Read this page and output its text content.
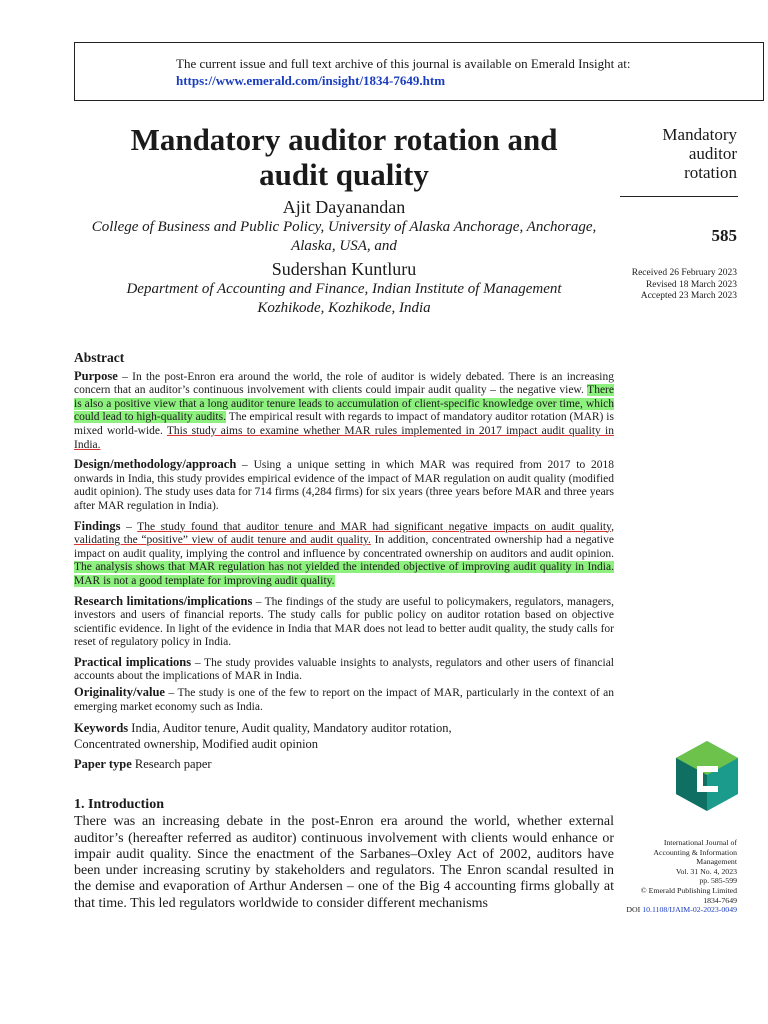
The current issue and full text archive of this journal is available on Emerald Insight at:
https://www.emerald.com/insight/1834-7649.htm
Mandatory auditor rotation and
audit quality
Ajit Dayanandan
College of Business and Public Policy, University of Alaska Anchorage, Anchorage,
Alaska, USA, and
Sudershan Kuntluru
Department of Accounting and Finance, Indian Institute of Management
Kozhikode, Kozhikode, India
Mandatory
auditor
rotation
585
Received 26 February 2023
Revised 18 March 2023
Accepted 23 March 2023
Abstract

Purpose – In the post-Enron era around the world, the role of auditor is widely debated. There is an increasing concern that an auditor’s continuous involvement with clients could impair audit quality – the negative view. There is also a positive view that a long auditor tenure leads to accumulation of client-specific knowledge over time, which could lead to high-quality audits. The empirical result with regards to impact of mandatory auditor rotation (MAR) is mixed world-wide. This study aims to examine whether MAR rules implemented in 2017 impact audit quality in India.

Design/methodology/approach – Using a unique setting in which MAR was required from 2017 to 2018 onwards in India, this study provides empirical evidence of the impact of MAR regulation on audit quality (modified audit opinion). The study uses data for 714 firms (4,284 firms) for six years (three years before MAR and three years after MAR regulation in India).

Findings – The study found that auditor tenure and MAR had significant negative impacts on audit quality, validating the “positive” view of audit tenure and audit quality. In addition, concentrated ownership had a negative impact on audit quality, implying the control and influence by concentrated ownership on auditors and audit opinion. The analysis shows that MAR regulation has not yielded the intended objective of improving audit quality in India. MAR is not a good template for improving audit quality.

Research limitations/implications – The findings of the study are useful to policymakers, regulators, managers, investors and users of financial reports. The study calls for public policy on auditor rotation based on objective scientific evidence. In light of the evidence in India that MAR does not lead to better audit quality, the study calls for reset of regulatory policy in India.

Practical implications – The study provides valuable insights to analysts, regulators and other users of financial accounts about the implications of MAR in India.

Originality/value – The study is one of the few to report on the impact of MAR, particularly in the context of an emerging market economy such as India.

Keywords India, Auditor tenure, Audit quality, Mandatory auditor rotation,
Concentrated ownership, Modified audit opinion
Paper type Research paper
1. Introduction

There was an increasing debate in the post-Enron era around the world, whether external auditor’s (hereafter referred as auditor) continuous involvement with clients would enhance or impair audit quality. Since the enactment of the Sarbanes–Oxley Act of 2002, auditors have been under increasing scrutiny by stakeholders and regulators. The Enron scandal resulted in the demise and evaporation of Arthur Andersen – one of the Big 4 accounting firms globally at that time. This led regulators worldwide to consider different mechanisms

International Journal of
Accounting & Information
Management
Vol. 31 No. 4, 2023
pp. 585-599
© Emerald Publishing Limited
1834-7649
DOI 10.1108/IJAIM-02-2023-0049
